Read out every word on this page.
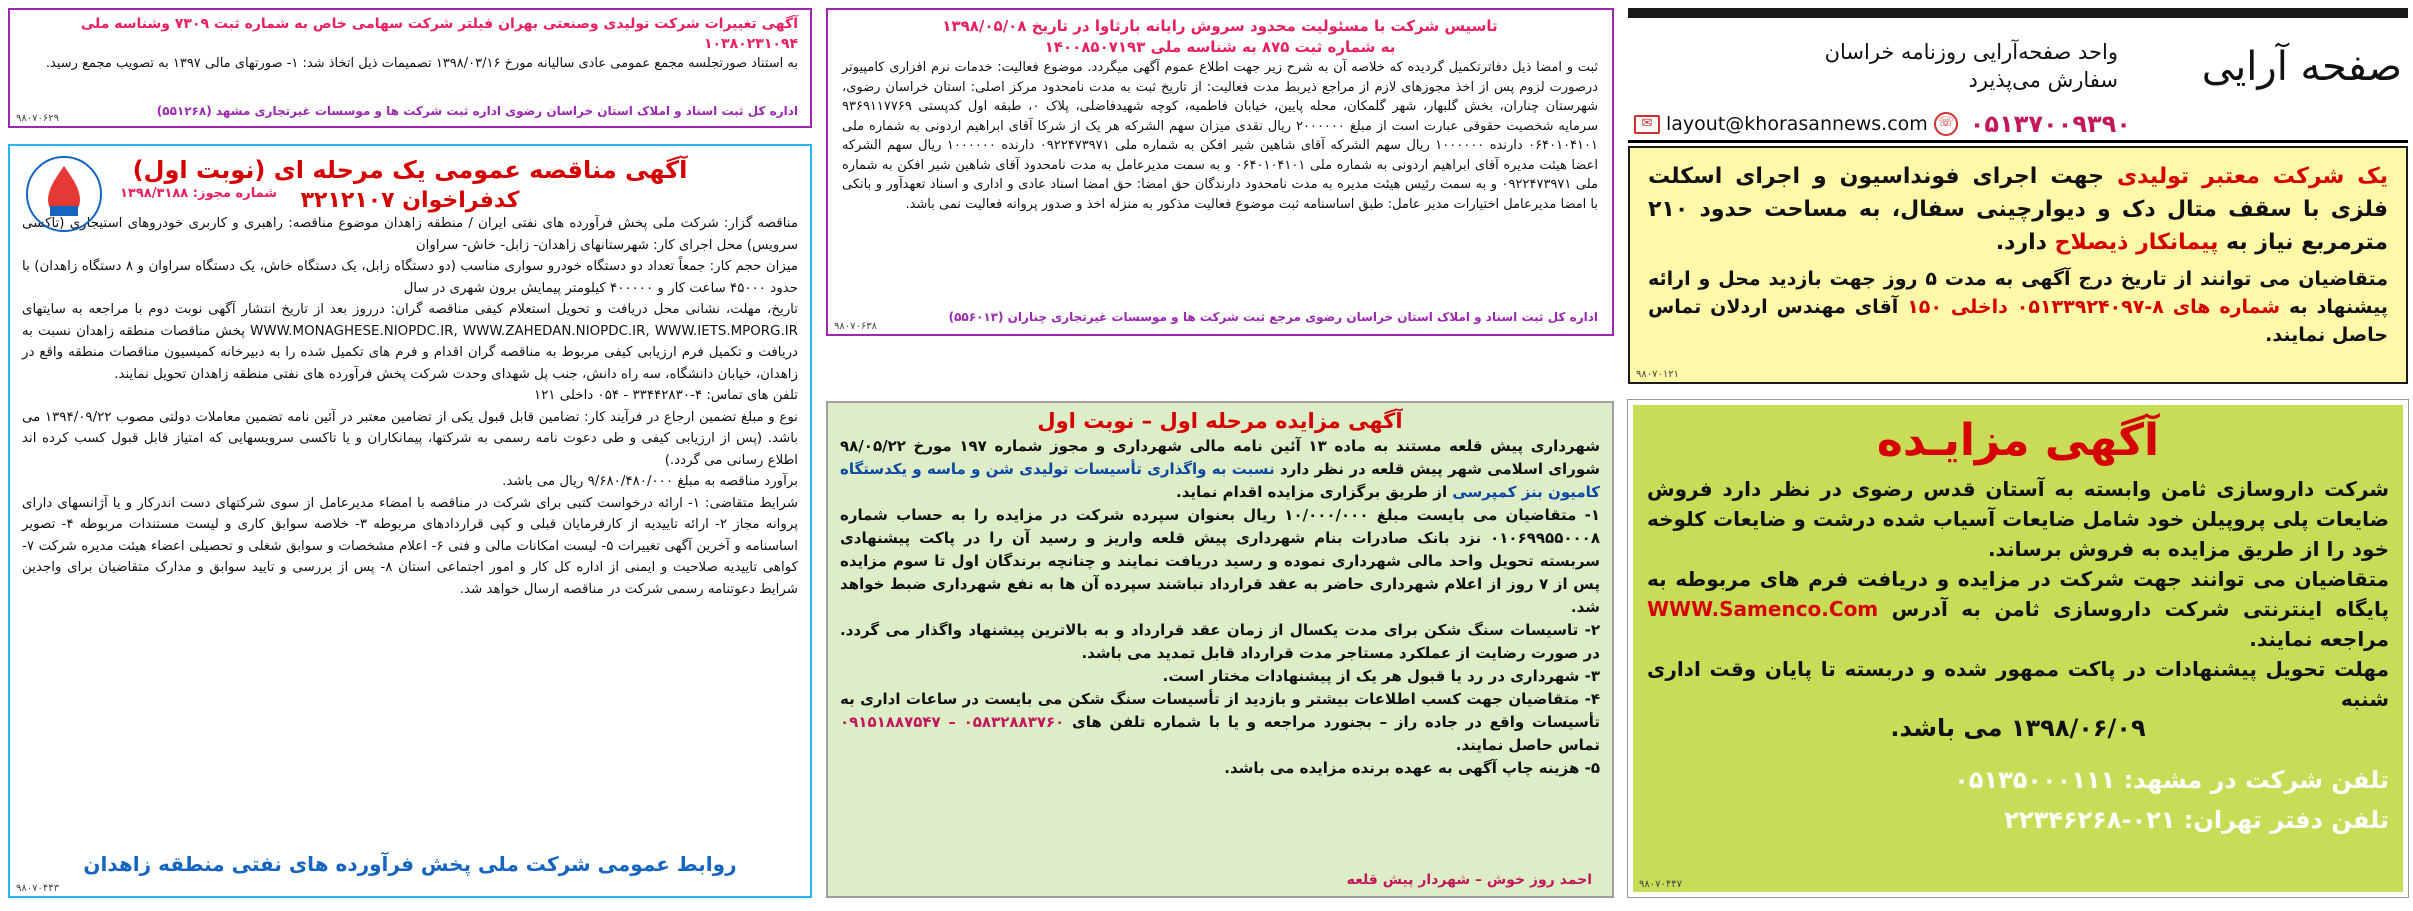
صفحه آرایی
واحد صفحه‌آرایی روزنامه خراسان
سفارش می‌پذیرد
✉ layout@khorasannews.com ☏ ۰۵۱۳۷۰۰۹۳۹۰
یک شرکت معتبر تولیدی جهت اجرای فونداسیون و اجرای اسکلت فلزی با سقف متال دک و دیوارچینی سفال، به مساحت حدود ۲۱۰ مترمربع نیاز به پیمانکار ذیصلاح دارد.
متقاضیان می توانند از تاریخ درج آگهی به مدت ۵ روز جهت بازدید محل و ارائه پیشنهاد به شماره های ۸-۰۵۱۳۳۹۲۴۰۹۷ داخلی ۱۵۰ آقای مهندس اردلان تماس حاصل نمایند.
۹۸۰۷۰۱۲۱
آگهی مزایـده
شرکت داروسازی ثامن وابسته به آستان قدس رضوی در نظر دارد فروش ضایعات پلی پروپیلن خود شامل ضایعات آسیاب شده درشت و ضایعات کلوخه خود را از طریق مزایده به فروش برساند.
متقاضیان می توانند جهت شرکت در مزایده و دریافت فرم های مربوطه به پایگاه اینترنتی شرکت داروسازی ثامن به آدرس WWW.Samenco.Com مراجعه نمایند.
مهلت تحویل پیشنهادات در پاکت ممهور شده و دربسته تا پایان وقت اداری شنبه
۱۳۹۸/۰۶/۰۹ می باشد.
تلفن شرکت در مشهد: ۰۵۱۳۵۰۰۰۱۱۱
تلفن دفتر تهران: ۰۲۱-۲۲۳۴۶۲۶۸
۹۸۰۷۰۴۴۷
تاسیس شرکت با مسئولیت محدود سروش رایانه بارثاوا در تاریخ ۱۳۹۸/۰۵/۰۸
به شماره ثبت ۸۷۵ به شناسه ملی ۱۴۰۰۸۵۰۷۱۹۳

ثبت و امضا ذیل دفاترتکمیل گردیده که خلاصه آن به شرح زیر جهت اطلاع عموم آگهی میگردد. موضوع فعالیت: خدمات نرم افزاری کامپیوتر درصورت لزوم پس از اخذ مجوزهای لازم از مراجع ذیربط مدت فعالیت: از تاریخ ثبت به مدت نامحدود مرکز اصلی: استان خراسان رضوی، شهرستان چناران، بخش گلبهار، شهر گلمکان، محله پایین، خیابان فاطمیه، کوچه شهیدفاضلی، پلاک ۰، طبقه اول کدپستی ۹۳۶۹۱۱۷۷۶۹ سرمایه شخصیت حقوقی عبارت است از مبلغ ۲۰۰۰۰۰۰ ریال نقدی میزان سهم الشرکه هر یک از شرکا آقای ابراهیم اردونی به شماره ملی ۰۶۴۰۱۰۴۱۰۱ دارنده ۱۰۰۰۰۰۰ ریال سهم الشرکه آقای شاهین شیر افکن به شماره ملی ۰۹۲۲۴۷۳۹۷۱ دارنده ۱۰۰۰۰۰۰ ریال سهم الشرکه اعضا هیئت مدیره آقای ابراهیم اردونی به شماره ملی ۰۶۴۰۱۰۴۱۰۱ و به سمت مدیرعامل به مدت نامحدود آقای شاهین شیر افکن به شماره ملی ۰۹۲۲۴۷۳۹۷۱ و به سمت رئیس هیئت مدیره به مدت نامحدود دارندگان حق امضا: حق امضا اسناد عادی و اداری و اسناد تعهدآور و بانکی با امضا مدیرعامل اختیارات مدیر عامل: طبق اساسنامه ثبت موضوع فعالیت مذکور به منزله اخذ و صدور پروانه فعالیت نمی باشد.

اداره کل ثبت اسناد و املاک استان خراسان رضوی مرجع ثبت شرکت ها و موسسات غیرتجاری چناران (۵۵۶۰۱۳)
۹۸۰۷۰۶۳۸
آگهی مزایده مرحله اول – نوبت اول

شهرداری پیش قلعه مستند به ماده ۱۳ آئین نامه مالی شهرداری و مجوز شماره ۱۹۷ مورخ ۹۸/۰۵/۲۲ شورای اسلامی شهر پیش قلعه در نظر دارد نسبت به واگذاری تأسیسات تولیدی شن و ماسه و یکدستگاه کامیون بنز کمپرسی از طریق برگزاری مزایده اقدام نماید.

۱- متقاضیان می بایست مبلغ ۱۰/۰۰۰/۰۰۰ ریال بعنوان سپرده شرکت در مزایده را به حساب شماره ۰۱۰۶۹۹۵۵۰۰۰۸ نزد بانک صادرات بنام شهرداری پیش قلعه واریز و رسید آن را در پاکت پیشنهادی سربسته تحویل واحد مالی شهرداری نموده و رسید دریافت نمایند و چنانچه برندگان اول تا سوم مزایده پس از ۷ روز از اعلام شهرداری حاضر به عقد قرارداد نباشند سپرده آن ها به نفع شهرداری ضبط خواهد شد.

۲- تاسیسات سنگ شکن برای مدت یکسال از زمان عقد قرارداد و به بالاترین پیشنهاد واگذار می گردد. در صورت رضایت از عملکرد مستاجر مدت قرارداد قابل تمدید می باشد.

۳- شهرداری در رد یا قبول هر یک از پیشنهادات مختار است.

۴- متقاضیان جهت کسب اطلاعات بیشتر و بازدید از تأسیسات سنگ شکن می بایست در ساعات اداری به تأسیسات واقع در جاده راز – بجنورد مراجعه و یا با شماره تلفن های ۰۵۸۳۲۸۸۳۷۶۰ – ۰۹۱۵۱۸۸۷۵۴۷ تماس حاصل نمایند.

۵- هزینه چاپ آگهی به عهده برنده مزایده می باشد.

احمد روز خوش – شهردار پیش قلعه
آگهی تغییرات شرکت تولیدی وصنعتی بهران فیلتر شرکت سهامی خاص به شماره ثبت ۷۳۰۹ وشناسه ملی ۱۰۳۸۰۲۳۱۰۹۴

به استناد صورتجلسه مجمع عمومی عادی سالیانه مورخ ۱۳۹۸/۰۳/۱۶ تصمیمات ذیل اتخاذ شد: ۱- صورتهای مالی ۱۳۹۷ به تصویب مجمع رسید.

اداره کل ثبت اسناد و املاک استان خراسان رضوی اداره ثبت شرکت ها و موسسات غیرتجاری مشهد (۵۵۱۲۶۸)
۹۸۰۷۰۶۲۹
شماره مجوز: ۱۳۹۸/۳۱۸۸
آگهی مناقصه عمومی یک مرحله ای (نوبت اول)
کدفراخوان ۳۲۱۲۱۰۷

مناقصه گزار: شرکت ملی پخش فرآورده های نفتی ایران / منطقه زاهدان موضوع مناقصه: راهبری و کاربری خودروهای استیجاری (تاکسی سرویس) محل اجرای کار: شهرستانهای زاهدان- زابل- خاش- سراوان

میزان حجم کار: جمعاً تعداد دو دستگاه خودرو سواری مناسب (دو دستگاه زابل، یک دستگاه خاش، یک دستگاه سراوان و ۸ دستگاه زاهدان) با حدود ۴۵۰۰۰ ساعت کار و ۴۰۰۰۰۰ کیلومتر پیمایش برون شهری در سال

تاریخ، مهلت، نشانی محل دریافت و تحویل استعلام کیفی مناقصه گران: درروز بعد از تاریخ انتشار آگهی نوبت دوم با مراجعه به سایتهای WWW.MONAGHESE.NIOPDC.IR, WWW.ZAHEDAN.NIOPDC.IR, WWW.IETS.MPORG.IR پخش مناقصات منطقه زاهدان نسبت به دریافت و تکمیل فرم ارزیابی کیفی مربوط به مناقصه گران اقدام و فرم های تکمیل شده را به دبیرخانه کمیسیون مناقصات منطقه واقع در زاهدان، خیابان دانشگاه، سه راه دانش، جنب پل شهدای وحدت شرکت پخش فرآورده های نفتی منطقه زاهدان تحویل نمایند.

تلفن های تماس: ۴-۳۳۴۴۲۸۳۰ - ۰۵۴ داخلی ۱۲۱

نوع و مبلغ تضمین ارجاع در فرآیند کار: تضامین قابل قبول یکی از تضامین معتبر در آئین نامه تضمین معاملات دولتی مصوب ۱۳۹۴/۰۹/۲۲ می باشد. (پس از ارزیابی کیفی و طی دعوت نامه رسمی به شرکتها، پیمانکاران و یا تاکسی سرویسهایی که امتیاز قابل قبول کسب کرده اند اطلاع رسانی می گردد.)

برآورد مناقصه به مبلغ ۹/۶۸۰/۴۸۰/۰۰۰ ریال می باشد.

شرایط متقاضی: ۱- ارائه درخواست کتبی برای شرکت در مناقصه با امضاء مدیرعامل از سوی شرکتهای دست اندرکار و یا آژانسهای دارای پروانه مجاز ۲- ارائه تاییدیه از کارفرمایان قبلی و کپی قراردادهای مربوطه ۳- خلاصه سوابق کاری و لیست مستندات مربوطه ۴- تصویر اساسنامه و آخرین آگهی تغییرات ۵- لیست امکانات مالی و فنی ۶- اعلام مشخصات و سوابق شغلی و تحصیلی اعضاء هیئت مدیره شرکت ۷- کواهی تاییدیه صلاحیت و ایمنی از اداره کل کار و امور اجتماعی استان ۸- پس از بررسی و تایید سوابق و مدارک متقاضیان برای واجدین شرایط دعوتنامه رسمی شرکت در مناقصه ارسال خواهد شد.

روابط عمومی شرکت ملی پخش فرآورده های نفتی منطقه زاهدان
۹۸۰۷۰۴۴۳
